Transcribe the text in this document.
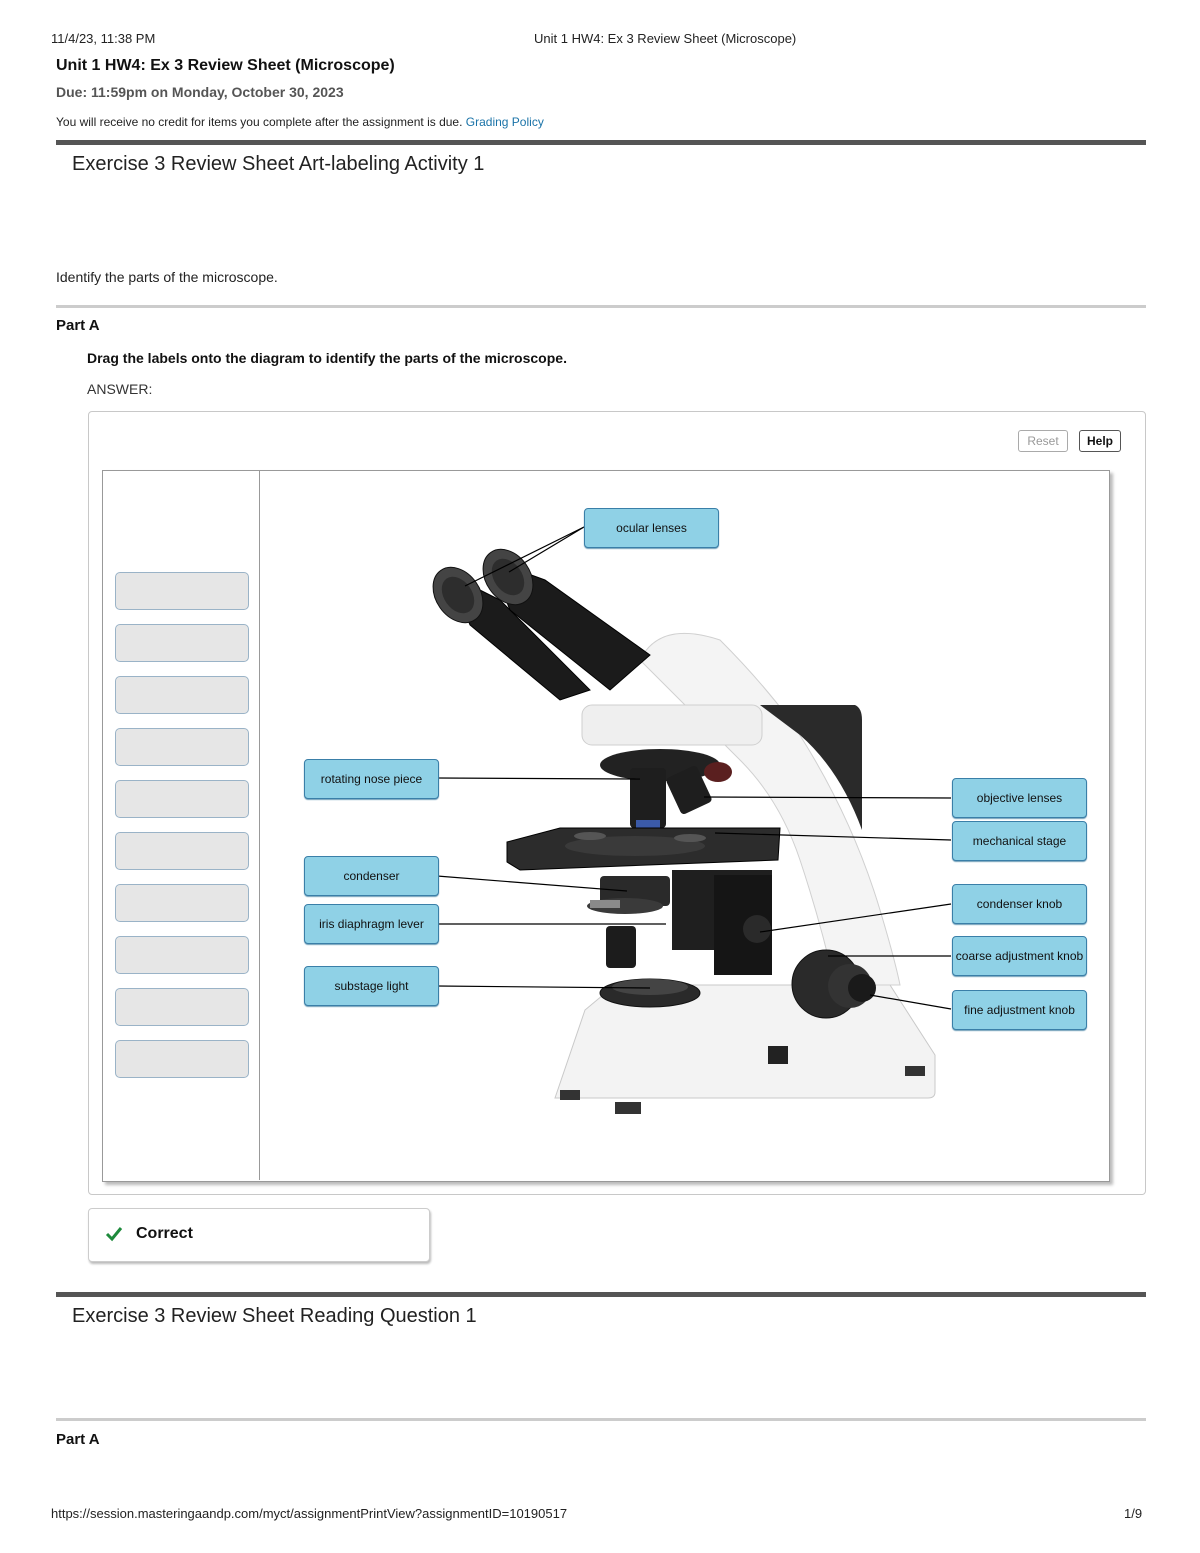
11/4/23, 11:38 PM	Unit 1 HW4: Ex 3 Review Sheet (Microscope)
Unit 1 HW4: Ex 3 Review Sheet (Microscope)
Due: 11:59pm on Monday, October 30, 2023
You will receive no credit for items you complete after the assignment is due. Grading Policy
Exercise 3 Review Sheet Art-labeling Activity 1
Identify the parts of the microscope.
Part A
Drag the labels onto the diagram to identify the parts of the microscope.
ANSWER:
Reset	Help
ocular lenses
rotating nose piece
objective lenses
mechanical stage
condenser
condenser knob
iris diaphragm lever
coarse adjustment knob
substage light
fine adjustment knob
Correct
Exercise 3 Review Sheet Reading Question 1
Part A
https://session.masteringaandp.com/myct/assignmentPrintView?assignmentID=10190517	1/9
